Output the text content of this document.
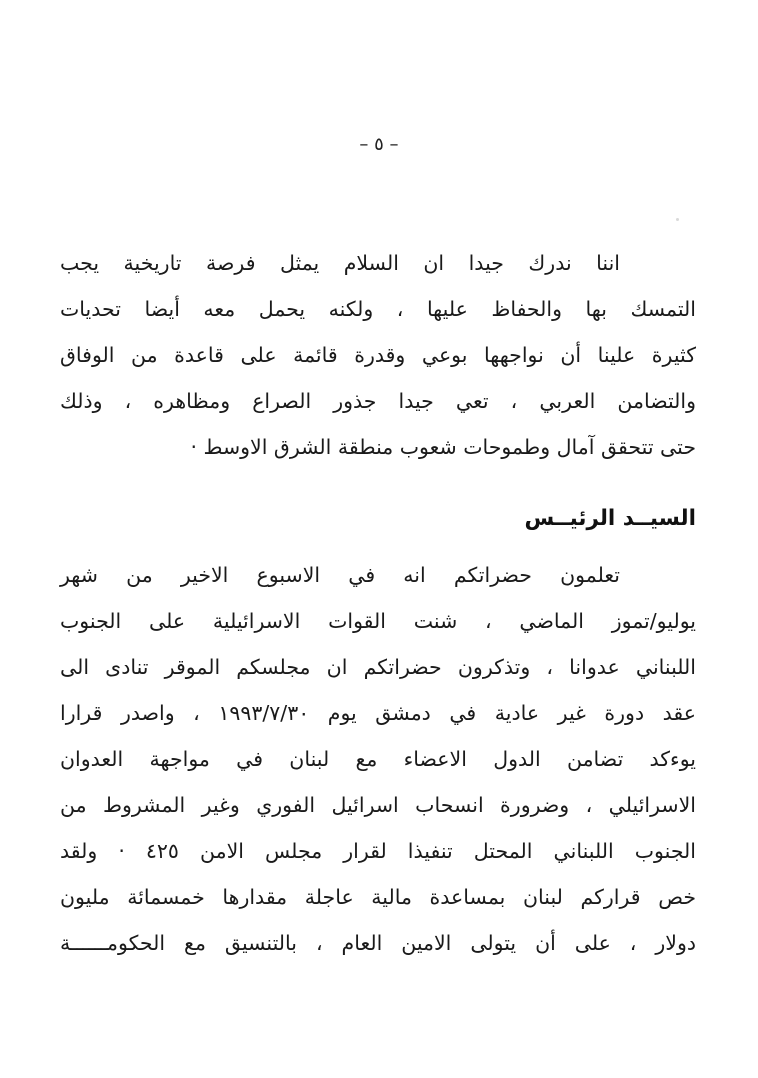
– ٥ –
اننا ندرك جيدا ان السلام يمثل فرصة تاريخية يجب
التمسك بها والحفاظ عليها ، ولكنه يحمل معه أيضا تحديات
كثيرة علينا أن نواجهها بوعي وقدرة قائمة على قاعدة من الوفاق
والتضامن العربي ، تعي جيدا جذور الصراع ومظاهره ، وذلك
حتى تتحقق آمال وطموحات شعوب منطقة الشرق الاوسط ·
السيــد الرئيــس
تعلمون حضراتكم انه في الاسبوع الاخير من شهر
يوليو/تموز الماضي ، شنت القوات الاسرائيلية على الجنوب
اللبناني عدوانا ، وتذكرون حضراتكم ان مجلسكم الموقر تنادى الى
عقد دورة غير عادية في دمشق يوم ١٩٩٣/٧/٣٠ ، واصدر قرارا
يوءكد تضامن الدول الاعضاء مع لبنان في مواجهة العدوان
الاسرائيلي ، وضرورة انسحاب اسرائيل الفوري وغير المشروط من
الجنوب اللبناني المحتل تنفيذا لقرار مجلس الامن ٤٢٥ · ولقد
خص قراركم لبنان بمساعدة مالية عاجلة مقدارها خمسمائة مليون
دولار ، على أن يتولى الامين العام ، بالتنسيق مع الحكومــــــة
